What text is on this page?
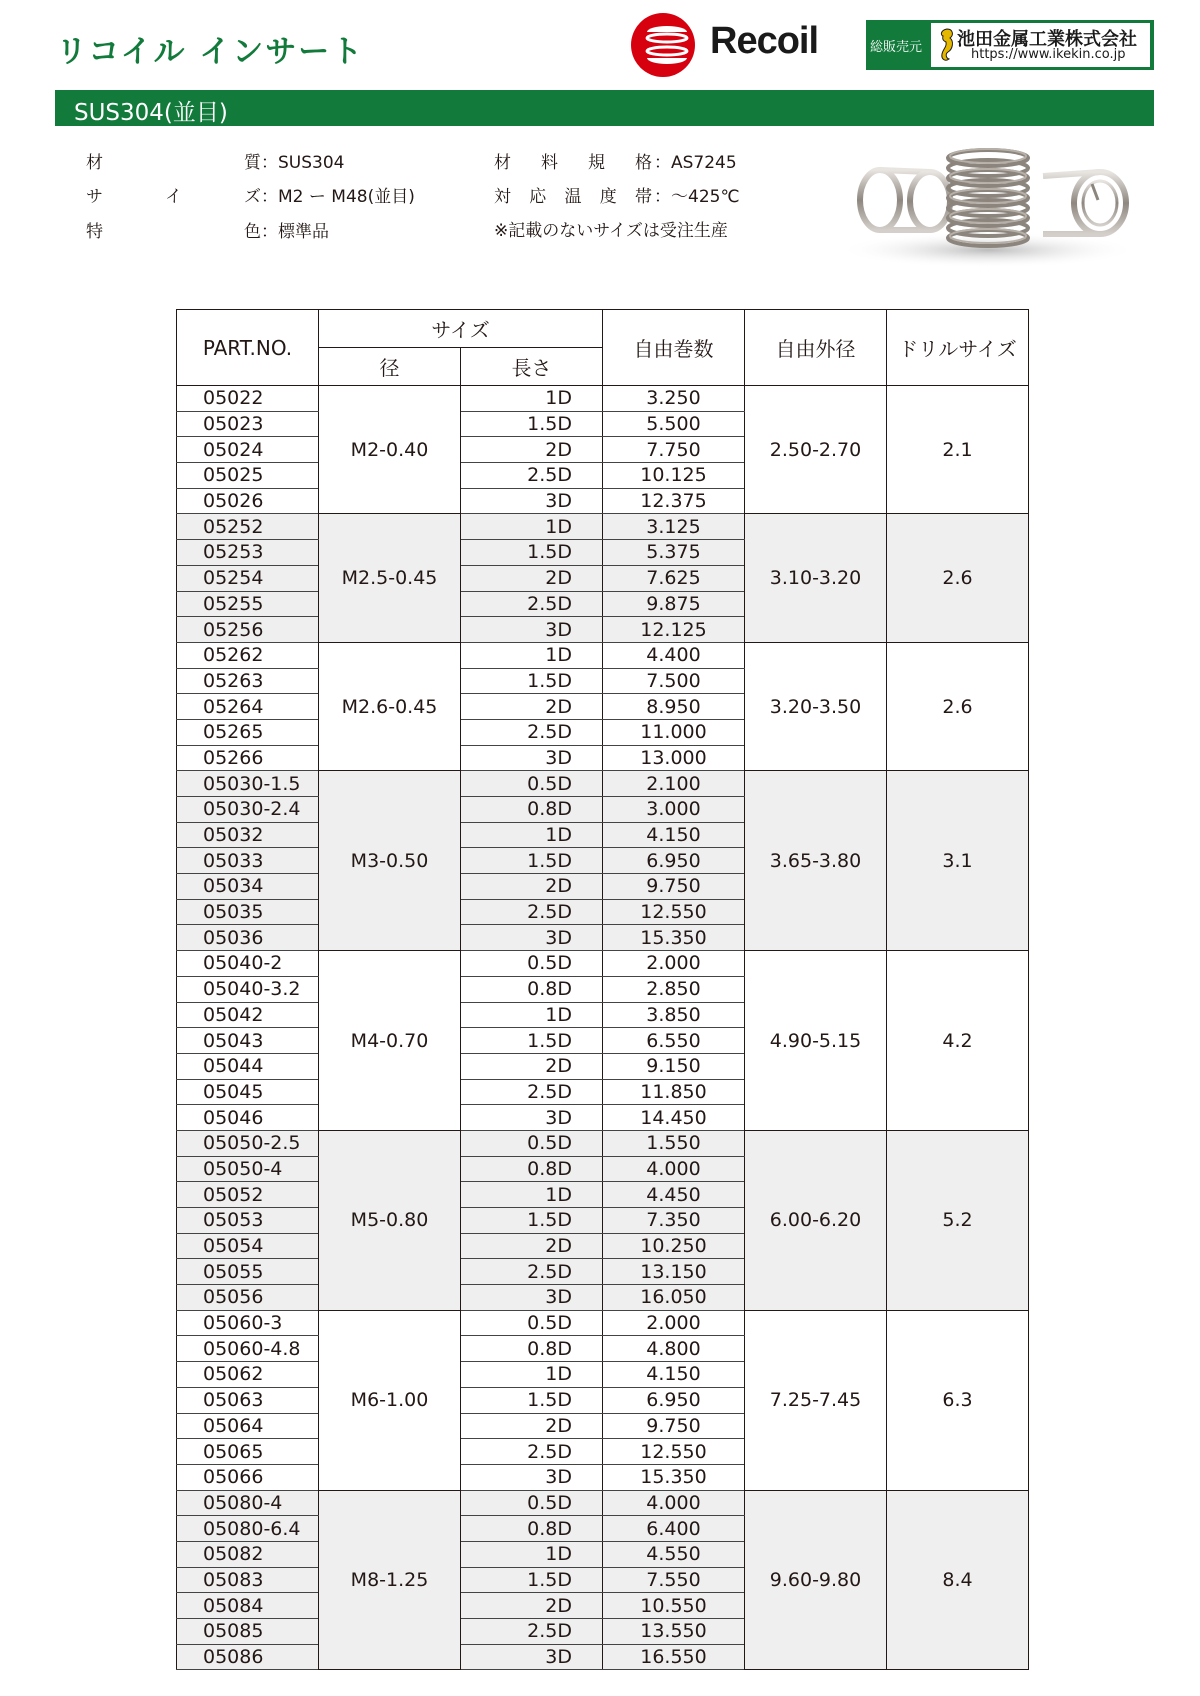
リコイル インサート	Recoil	総販売元 池田金属工業株式会社
https://www.ikekin.co.jp
SUS304(並目)
材	質 ：SUS304
サ	イ	ズ ：M2 ー M48(並目)
特	色 ：標準品
材 料 規 格 ：AS7245
対 応 温 度 帯 ：～425℃
※記載のないサイズは受注生産
PART.NO.	サイズ		自由巻数	自由外径	ドリルサイズ
	径	長さ			
05022	M2-0.40	1D	3.250	2.50-2.70	2.1
05023		1.5D	5.500		
05024		2D	7.750		
05025		2.5D	10.125		
05026		3D	12.375		
05252	M2.5-0.45	1D	3.125	3.10-3.20	2.6
05253		1.5D	5.375		
05254		2D	7.625		
05255		2.5D	9.875		
05256		3D	12.125		
05262	M2.6-0.45	1D	4.400	3.20-3.50	2.6
05263		1.5D	7.500		
05264		2D	8.950		
05265		2.5D	11.000		
05266		3D	13.000		
05030-1.5	M3-0.50	0.5D	2.100	3.65-3.80	3.1
05030-2.4		0.8D	3.000		
05032		1D	4.150		
05033		1.5D	6.950		
05034		2D	9.750		
05035		2.5D	12.550		
05036		3D	15.350		
05040-2	M4-0.70	0.5D	2.000	4.90-5.15	4.2
05040-3.2		0.8D	2.850		
05042		1D	3.850		
05043		1.5D	6.550		
05044		2D	9.150		
05045		2.5D	11.850		
05046		3D	14.450		
05050-2.5	M5-0.80	0.5D	1.550	6.00-6.20	5.2
05050-4		0.8D	4.000		
05052		1D	4.450		
05053		1.5D	7.350		
05054		2D	10.250		
05055		2.5D	13.150		
05056		3D	16.050		
05060-3	M6-1.00	0.5D	2.000	7.25-7.45	6.3
05060-4.8		0.8D	4.800		
05062		1D	4.150		
05063		1.5D	6.950		
05064		2D	9.750		
05065		2.5D	12.550		
05066		3D	15.350		
05080-4	M8-1.25	0.5D	4.000	9.60-9.80	8.4
05080-6.4		0.8D	6.400		
05082		1D	4.550		
05083		1.5D	7.550		
05084		2D	10.550		
05085		2.5D	13.550		
05086		3D	16.550		
